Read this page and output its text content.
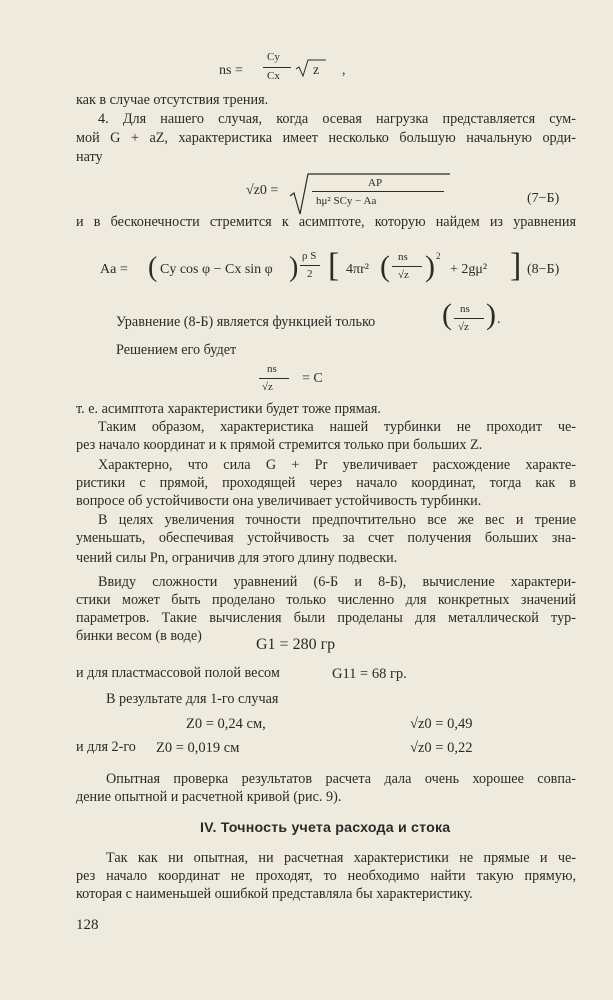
ns =
Cy
Cx z ,
как в случае отсутствия трения.
4. Для нашего случая, когда осевая нагрузка представляется сум-
мой G + aZ, характеристика имеет несколько большую начальную орди-
нату
√z0 =	AP
hμ² SCy − Aa	(7−Б)
и в бесконечности стремится к асимптоте, которую найдем из уравнения
Aa = ( Cy cos φ − Cx sin φ ) ρ S
2 [ 4πr² ( ns
√z ) 2
+ 2gμ² ] (8−Б)
Уравнение (8-Б) является функцией только ( ns
√z ) .
Решением его будет
ns
√z
= C
т. е. асимптота характеристики будет тоже прямая.
Таким образом, характеристика нашей турбинки не проходит че-
рез начало координат и к прямой стремится только при больших Z.
Характерно, что сила G + Pr увеличивает расхождение характе-
ристики с прямой, проходящей через начало координат, тогда как в
вопросе об устойчивости она увеличивает устойчивость турбинки.
В целях увеличения точности предпочтительно все же вес и трение
уменьшать, обеспечивая устойчивость за счет получения больших зна-
чений силы Pn, ограничив для этого длину подвески.
Ввиду сложности уравнений (6-Б и 8-Б), вычисление характери-
стики может быть проделано только численно для конкретных значений
параметров. Такие вычисления были проделаны для металлической тур-
бинки весом (в воде)	G1 = 280 гр
и для пластмассовой полой весом	G11 = 68 гр.
В результате для 1-го случая
Z0 = 0,24 см,	√z0 = 0,49
и для 2-го Z0 = 0,019 см	√z0 = 0,22
Опытная проверка результатов расчета дала очень хорошее совпа-
дение опытной и расчетной кривой (рис. 9).
IV. Точность учета расхода и стока
Так как ни опытная, ни расчетная характеристики не прямые и че-
рез начало координат не проходят, то необходимо найти такую прямую,
которая с наименьшей ошибкой представляла бы характеристику.
128
